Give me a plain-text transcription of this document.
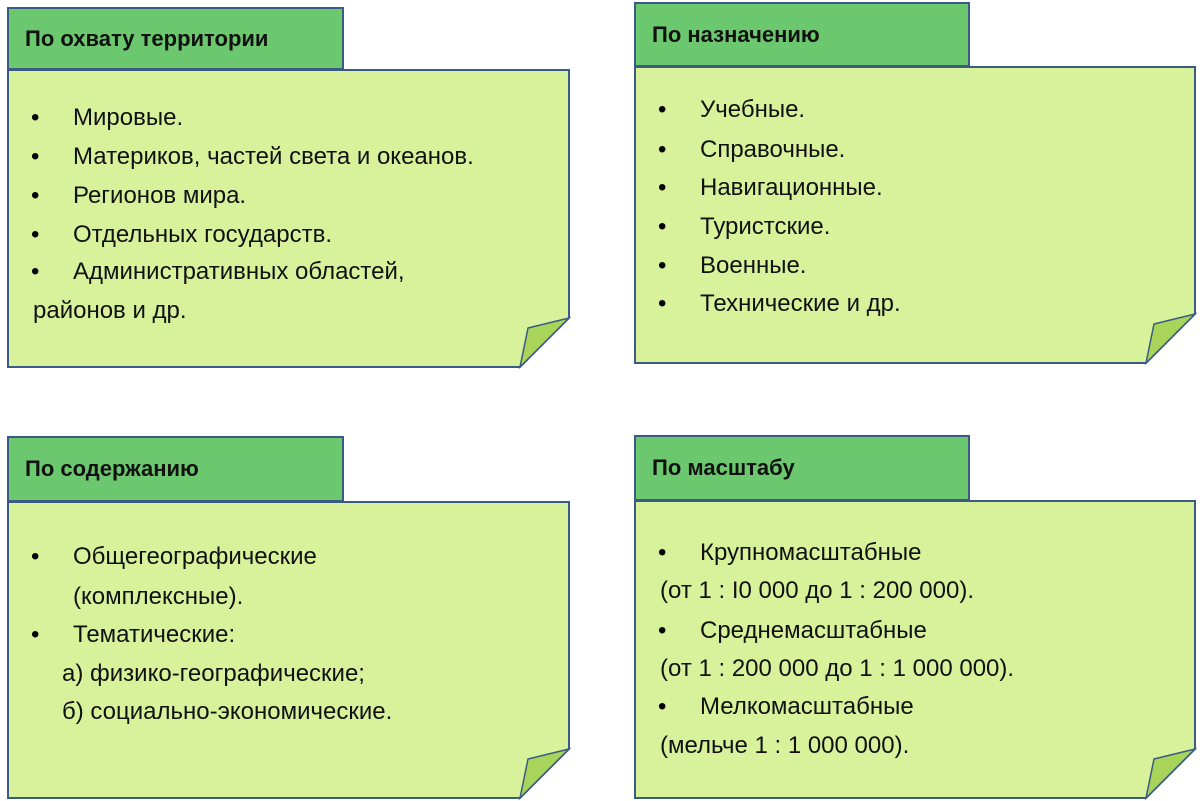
По охвату территории
• Мировые.
• Материков, частей света и океанов.
• Регионов мира.
• Отдельных государств.
• Административных областей,
районов и др.
По назначению
• Учебные.
• Справочные.
• Навигационные.
• Туристские.
• Военные.
• Технические и др.
По содержанию
• Общегеографические
(комплексные).
• Тематические:
а) физико-географические;
б) социально-экономические.
По масштабу
• Крупномасштабные
(от 1 : I0 000 до 1 : 200 000).
• Среднемасштабные
(от 1 : 200 000 до 1 : 1 000 000).
• Мелкомасштабные
(мельче 1 : 1 000 000).
